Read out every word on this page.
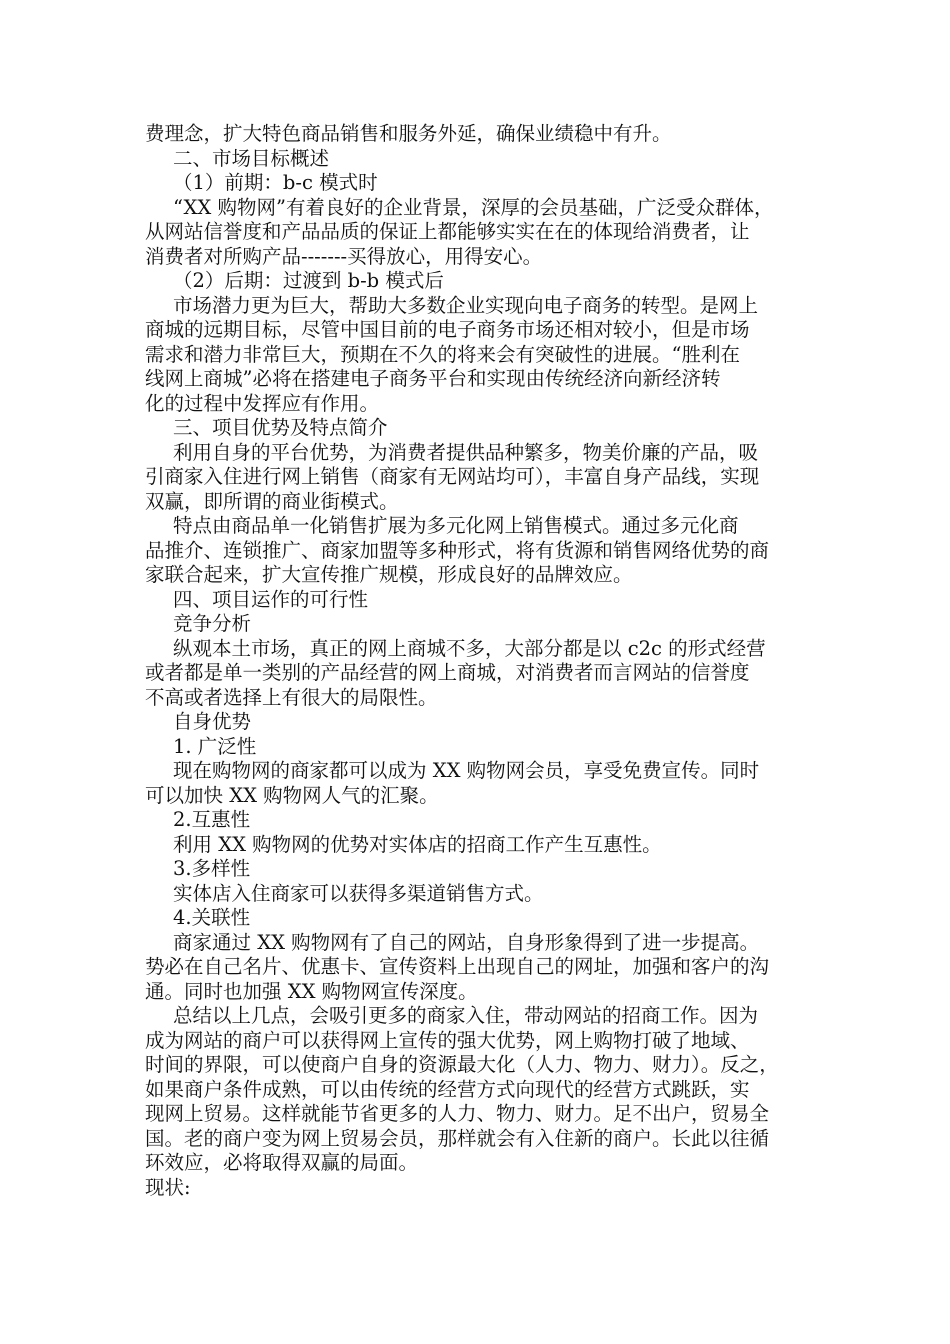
费理念，扩大特色商品销售和服务外延，确保业绩稳中有升。
二、市场目标概述
（1）前期：b-c 模式时
“XX 购物网”有着良好的企业背景，深厚的会员基础，广泛受众群体，
从网站信誉度和产品品质的保证上都能够实实在在的体现给消费者，让
消费者对所购产品-------买得放心，用得安心。
（2）后期：过渡到 b-b 模式后
市场潜力更为巨大，帮助大多数企业实现向电子商务的转型。是网上
商城的远期目标，尽管中国目前的电子商务市场还相对较小，但是市场
需求和潜力非常巨大，预期在不久的将来会有突破性的进展。“胜利在
线网上商城”必将在搭建电子商务平台和实现由传统经济向新经济转
化的过程中发挥应有作用。
三、项目优势及特点简介
利用自身的平台优势，为消费者提供品种繁多，物美价廉的产品，吸
引商家入住进行网上销售（商家有无网站均可），丰富自身产品线，实现
双赢，即所谓的商业街模式。
特点由商品单一化销售扩展为多元化网上销售模式。通过多元化商
品推介、连锁推广、商家加盟等多种形式，将有货源和销售网络优势的商
家联合起来，扩大宣传推广规模，形成良好的品牌效应。
四、项目运作的可行性
竞争分析
纵观本土市场，真正的网上商城不多，大部分都是以 c2c 的形式经营
或者都是单一类别的产品经营的网上商城，对消费者而言网站的信誉度
不高或者选择上有很大的局限性。
自身优势
1. 广泛性
现在购物网的商家都可以成为 XX 购物网会员，享受免费宣传。同时
可以加快 XX 购物网人气的汇聚。
2.互惠性
利用 XX 购物网的优势对实体店的招商工作产生互惠性。
3.多样性
实体店入住商家可以获得多渠道销售方式。
4.关联性
商家通过 XX 购物网有了自己的网站，自身形象得到了进一步提高。
势必在自己名片、优惠卡、宣传资料上出现自己的网址，加强和客户的沟
通。同时也加强 XX 购物网宣传深度。
总结以上几点，会吸引更多的商家入住，带动网站的招商工作。因为
成为网站的商户可以获得网上宣传的强大优势，网上购物打破了地域、
时间的界限，可以使商户自身的资源最大化（人力、物力、财力）。反之，
如果商户条件成熟，可以由传统的经营方式向现代的经营方式跳跃，实
现网上贸易。这样就能节省更多的人力、物力、财力。足不出户，贸易全
国。老的商户变为网上贸易会员，那样就会有入住新的商户。长此以往循
环效应，必将取得双赢的局面。
现状:
